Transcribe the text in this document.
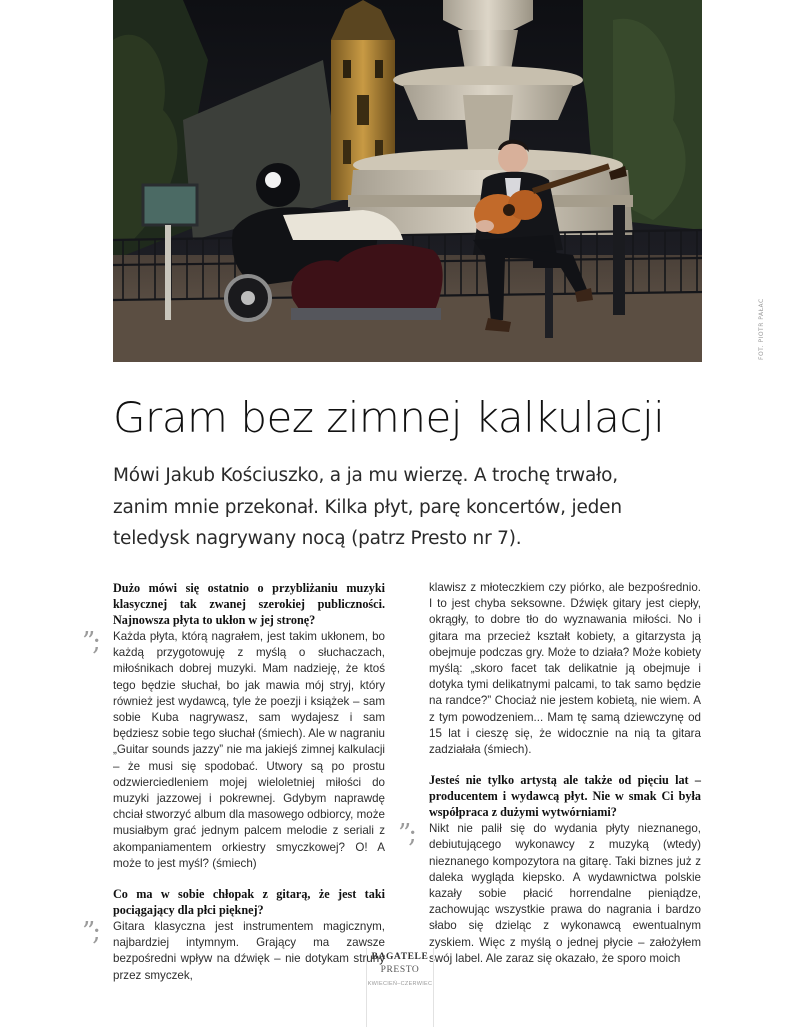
FOT. PIOTR PAŁAC
Gram bez zimnej kalkulacji

Mówi Jakub Kościuszko, a ja mu wierzę. A trochę trwało, zanim mnie przekonał. Kilka płyt, parę koncertów, jeden teledysk nagrywany nocą (patrz Presto nr 7).

Dużo mówi się ostatnio o przybliżaniu muzyki klasycznej tak zwanej szerokiej publiczności. Najnowsza płyta to ukłon w jej stronę?

”;	Każda płyta, którą nagrałem, jest takim ukłonem, bo każdą przygotowuję z myślą o słuchaczach, miłośnikach dobrej muzyki. Mam nadzieję, że ktoś tego będzie słuchał, bo jak mawia mój stryj, który również jest wydawcą, tyle że poezji i książek – sam sobie Kuba nagrywasz, sam wydajesz i sam będziesz sobie tego słuchał (śmiech). Ale w nagraniu „Guitar sounds jazzy” nie ma jakiejś zimnej kalkulacji – że musi się spodobać. Utwory są po prostu odzwierciedleniem mojej wieloletniej miłości do muzyki jazzowej i pokrewnej. Gdybym naprawdę chciał stworzyć album dla masowego odbiorcy, może musiałbym grać jednym palcem melodie z seriali z akompaniamentem orkiestry smyczkowej? O! A może to jest myśl? (śmiech)

Co ma w sobie chłopak z gitarą, że jest taki pociągający dla płci pięknej?

”;	Gitara klasyczna jest instrumentem magicznym, najbardziej intymnym. Grający ma zawsze bezpośredni wpływ na dźwięk – nie dotykam struny przez smyczek,

klawisz z młoteczkiem czy piórko, ale bezpośrednio. I to jest chyba seksowne. Dźwięk gitary jest ciepły, okrągły, to dobre tło do wyznawania miłości. No i gitara ma przecież kształt kobiety, a gitarzysta ją obejmuje podczas gry. Może to działa? Może kobiety myślą: „skoro facet tak delikatnie ją obejmuje i dotyka tymi delikatnymi palcami, to tak samo będzie na randce?” Chociaż nie jestem kobietą, nie wiem. A z tym powodzeniem... Mam tę samą dziewczynę od 15 lat i cieszę się, że widocznie na nią ta gitara zadziałała (śmiech).

Jesteś nie tylko artystą ale także od pięciu lat – producentem i wydawcą płyt. Nie w smak Ci była współpraca z dużymi wytwórniami?

”;	Nikt nie palił się do wydania płyty nieznanego, debiutującego wykonawcy z muzyką (wtedy) nieznanego kompozytora na gitarę. Taki biznes już z daleka wygląda kiepsko. A wydawnictwa polskie kazały sobie płacić horrendalne pieniądze, zachowując wszystkie prawa do nagrania i bardzo słabo się dzieląc z wykonawcą ewentualnym zyskiem. Więc z myślą o jednej płycie – założyłem swój label. Ale zaraz się okazało, że sporo moich

BAGATELE
PRESTO
KWIECIEŃ–CZERWIEC
